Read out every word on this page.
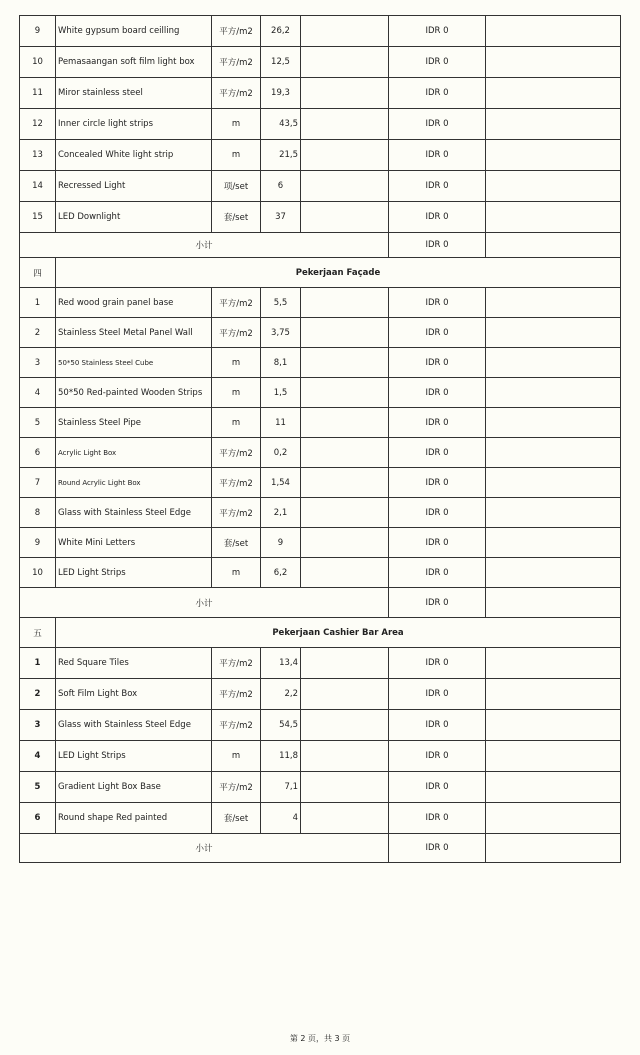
9	White gypsum board ceilling	平方/m2	26,2		IDR 0	
10	Pemasaangan soft film light box	平方/m2	12,5		IDR 0	
11	Miror stainless steel	平方/m2	19,3		IDR 0	
12	Inner circle light strips	m	43,5		IDR 0	
13	Concealed White light strip	m	21,5		IDR 0	
14	Recressed Light	项/set	6		IDR 0	
15	LED Downlight	套/set	37		IDR 0	
小计					IDR 0	
四	Pekerjaan Façade					
1	Red wood grain panel base	平方/m2	5,5		IDR 0	
2	Stainless Steel Metal Panel Wall	平方/m2	3,75		IDR 0	
3	50*50 Stainless Steel Cube	m	8,1		IDR 0	
4	50*50 Red-painted Wooden Strips	m	1,5		IDR 0	
5	Stainless Steel Pipe	m	11		IDR 0	
6	Acrylic Light Box	平方/m2	0,2		IDR 0	
7	Round Acrylic Light Box	平方/m2	1,54		IDR 0	
8	Glass with Stainless Steel Edge	平方/m2	2,1		IDR 0	
9	White Mini Letters	套/set	9		IDR 0	
10	LED Light Strips	m	6,2		IDR 0	
小计					IDR 0	
五	Pekerjaan Cashier Bar Area					
1	Red Square Tiles	平方/m2	13,4		IDR 0	
2	Soft Film Light Box	平方/m2	2,2		IDR 0	
3	Glass with Stainless Steel Edge	平方/m2	54,5		IDR 0	
4	LED Light Strips	m	11,8		IDR 0	
5	Gradient Light Box Base	平方/m2	7,1		IDR 0	
6	Round shape Red painted	套/set	4		IDR 0	
小计					IDR 0	
第 2 页，共 3 页
